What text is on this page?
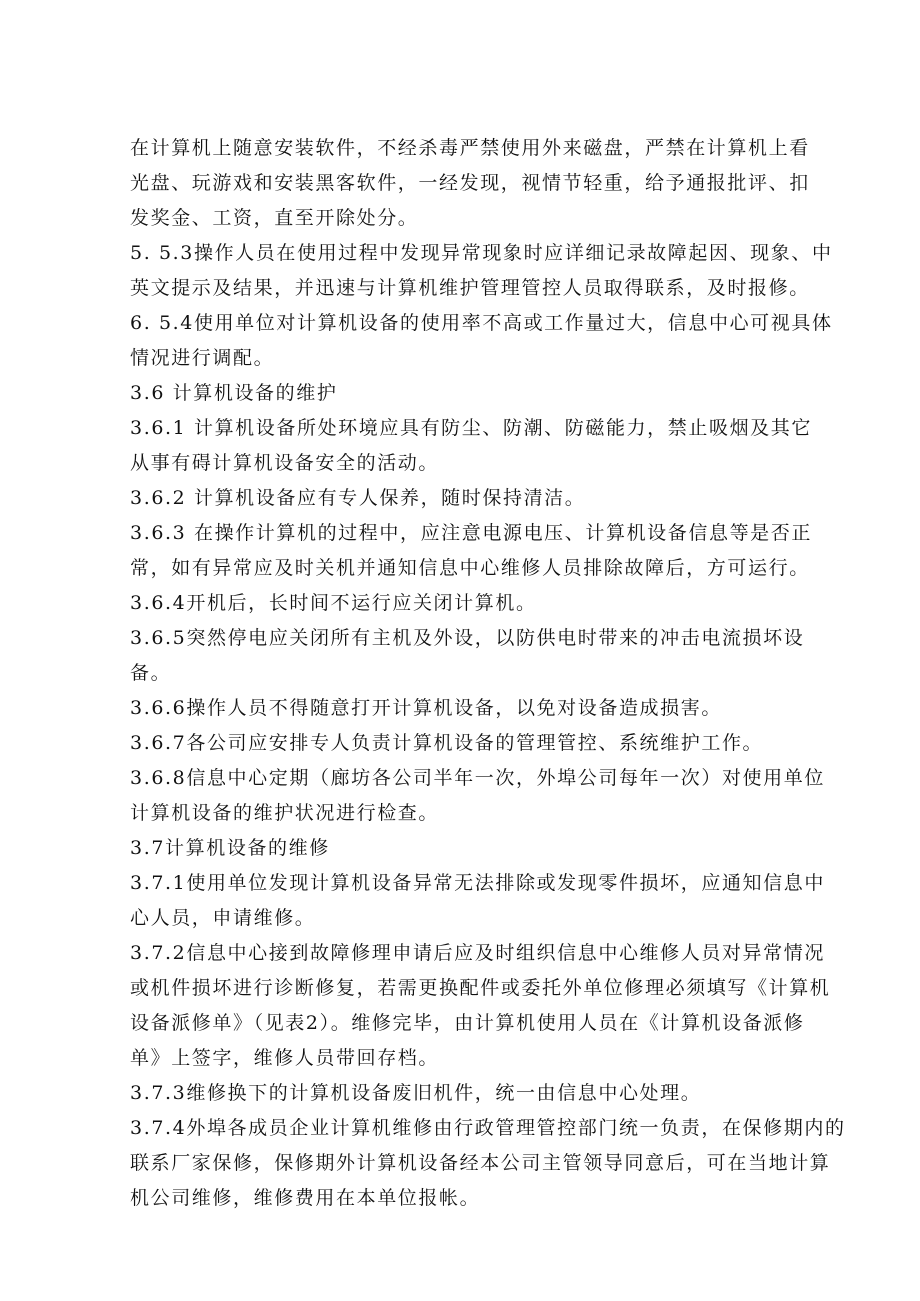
在计算机上随意安装软件，不经杀毒严禁使用外来磁盘，严禁在计算机上看
光盘、玩游戏和安装黑客软件，一经发现，视情节轻重，给予通报批评、扣
发奖金、工资，直至开除处分。
5. 5.3操作人员在使用过程中发现异常现象时应详细记录故障起因、现象、中
英文提示及结果，并迅速与计算机维护管理管控人员取得联系，及时报修。
6. 5.4使用单位对计算机设备的使用率不高或工作量过大，信息中心可视具体
情况进行调配。
3.6 计算机设备的维护
3.6.1 计算机设备所处环境应具有防尘、防潮、防磁能力，禁止吸烟及其它
从事有碍计算机设备安全的活动。
3.6.2 计算机设备应有专人保养，随时保持清洁。
3.6.3 在操作计算机的过程中，应注意电源电压、计算机设备信息等是否正
常，如有异常应及时关机并通知信息中心维修人员排除故障后，方可运行。
3.6.4开机后，长时间不运行应关闭计算机。
3.6.5突然停电应关闭所有主机及外设，以防供电时带来的冲击电流损坏设
备。
3.6.6操作人员不得随意打开计算机设备，以免对设备造成损害。
3.6.7各公司应安排专人负责计算机设备的管理管控、系统维护工作。
3.6.8信息中心定期（廊坊各公司半年一次，外埠公司每年一次）对使用单位
计算机设备的维护状况进行检查。
3.7计算机设备的维修
3.7.1使用单位发现计算机设备异常无法排除或发现零件损坏，应通知信息中
心人员，申请维修。
3.7.2信息中心接到故障修理申请后应及时组织信息中心维修人员对异常情况
或机件损坏进行诊断修复，若需更换配件或委托外单位修理必须填写《计算机
设备派修单》（见表2）。维修完毕，由计算机使用人员在《计算机设备派修
单》上签字，维修人员带回存档。
3.7.3维修换下的计算机设备废旧机件，统一由信息中心处理。
3.7.4外埠各成员企业计算机维修由行政管理管控部门统一负责，在保修期内的
联系厂家保修，保修期外计算机设备经本公司主管领导同意后，可在当地计算
机公司维修，维修费用在本单位报帐。
